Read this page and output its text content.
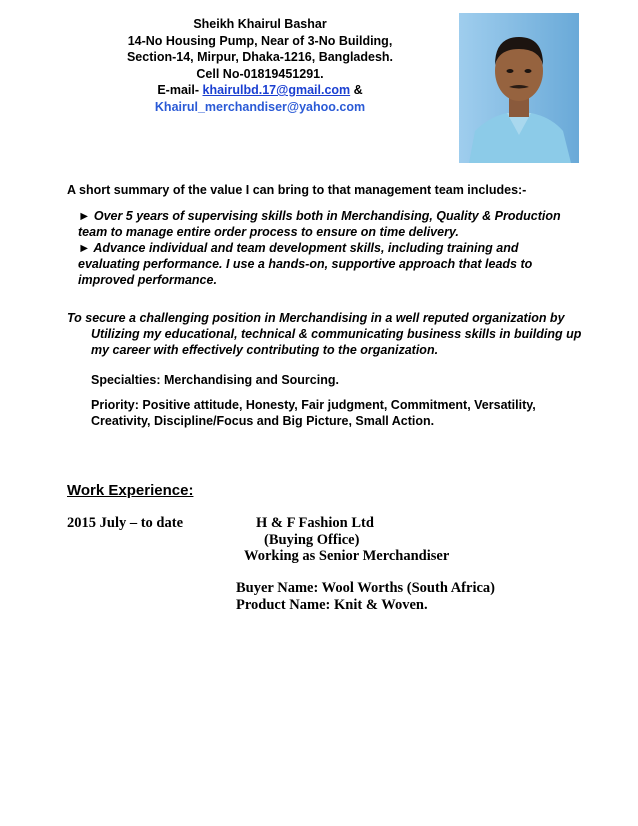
Sheikh Khairul Bashar
14-No Housing Pump, Near of 3-No Building,
Section-14, Mirpur, Dhaka-1216, Bangladesh.
Cell No-01819451291.
E-mail- khairulbd.17@gmail.com &
Khairul_merchandiser@yahoo.com
A short summary of the value I can bring to that management team includes:-
► Over 5 years of supervising skills both in Merchandising, Quality & Production team to manage entire order process to ensure on time delivery.
► Advance individual and team development skills, including training and evaluating performance. I use a hands-on, supportive approach that leads to improved performance.
To secure a challenging position in Merchandising in a well reputed organization by
Utilizing my educational, technical & communicating business skills in building up
my career with effectively contributing to the organization.
Specialties: Merchandising and Sourcing.
Priority: Positive attitude, Honesty, Fair judgment, Commitment, Versatility, Creativity, Discipline/Focus and Big Picture, Small Action.
Work Experience:
2015 July – to date	H & F Fashion Ltd
(Buying Office)
Working as Senior Merchandiser
Buyer Name: Wool Worths (South Africa)
Product Name: Knit & Woven.
